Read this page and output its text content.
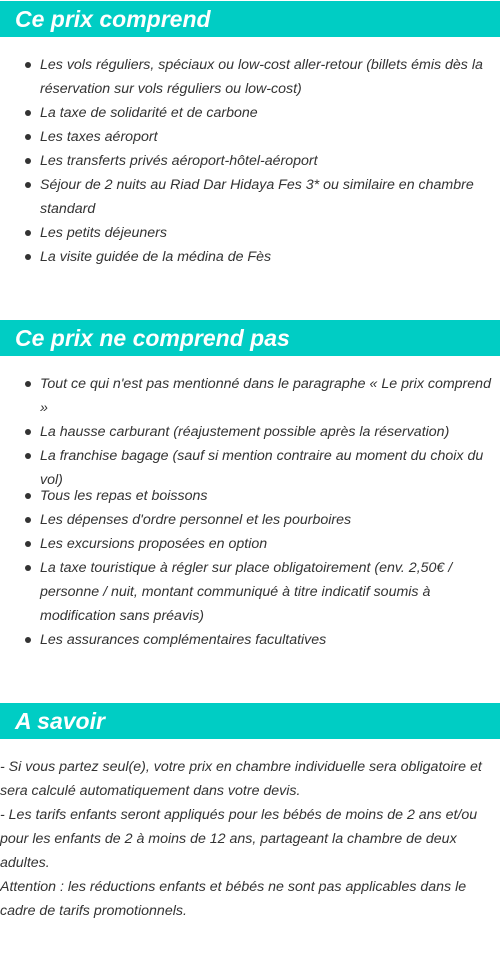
Ce prix comprend
Les vols réguliers, spéciaux ou low-cost aller-retour (billets émis dès la réservation sur vols réguliers ou low-cost)
La taxe de solidarité et de carbone
Les taxes aéroport
Les transferts privés aéroport-hôtel-aéroport
Séjour de 2 nuits au Riad Dar Hidaya Fes 3* ou similaire en chambre standard
Les petits déjeuners
La visite guidée de la médina de Fès
Ce prix ne comprend pas
Tout ce qui n'est pas mentionné dans le paragraphe « Le prix comprend »
La hausse carburant (réajustement possible après la réservation)
La franchise bagage (sauf si mention contraire au moment du choix du vol)
Tous les repas et boissons
Les dépenses d'ordre personnel et les pourboires
Les excursions proposées en option
La taxe touristique à régler sur place obligatoirement (env. 2,50€ / personne / nuit, montant communiqué à titre indicatif soumis à modification sans préavis)
Les assurances complémentaires facultatives
A savoir

- Si vous partez seul(e), votre prix en chambre individuelle sera obligatoire et sera calculé automatiquement dans votre devis.

- Les tarifs enfants seront appliqués pour les bébés de moins de 2 ans et/ou pour les enfants de 2 à moins de 12 ans, partageant la chambre de deux adultes.

Attention : les réductions enfants et bébés ne sont pas applicables dans le cadre de tarifs promotionnels.
